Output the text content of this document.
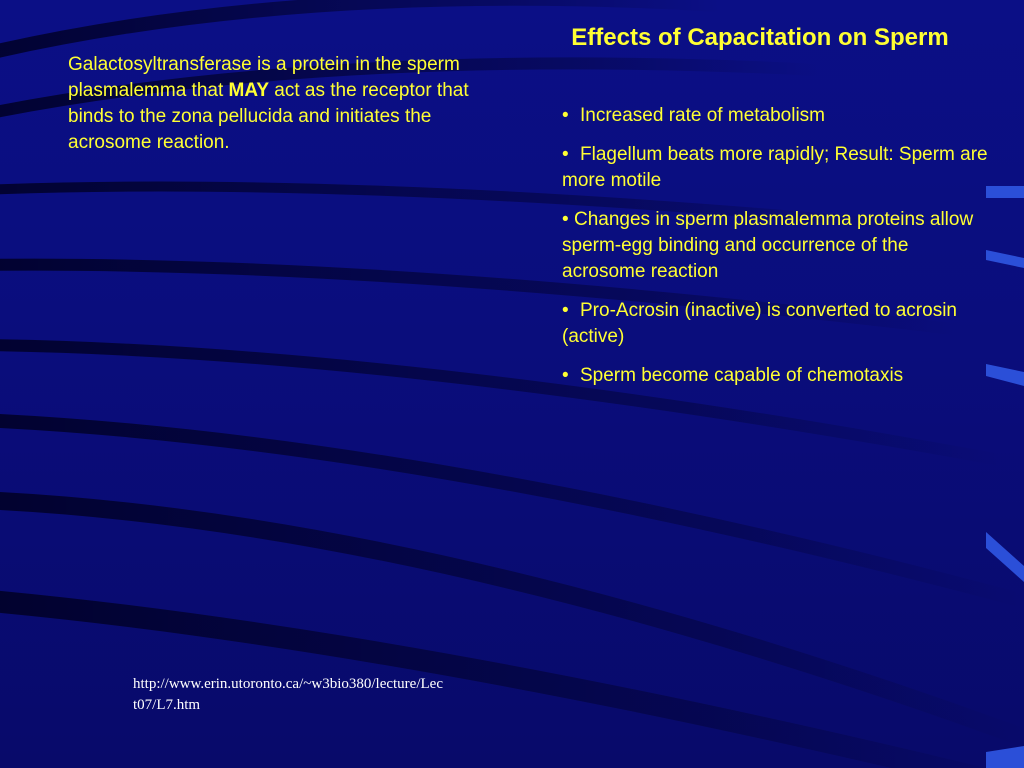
Galactosyltransferase is a protein in the sperm plasmalemma that MAY act as the receptor that binds to the zona pellucida and initiates the acrosome reaction.
Effects of Capacitation on Sperm
• Increased rate of metabolism
• Flagellum beats more rapidly; Result: Sperm are more motile
• Changes in sperm plasmalemma proteins allow sperm-egg binding and occurrence of the acrosome reaction
• Pro-Acrosin (inactive) is converted to acrosin (active)
• Sperm become capable of chemotaxis
http://www.erin.utoronto.ca/~w3bio380/lecture/Lect07/L7.htm
